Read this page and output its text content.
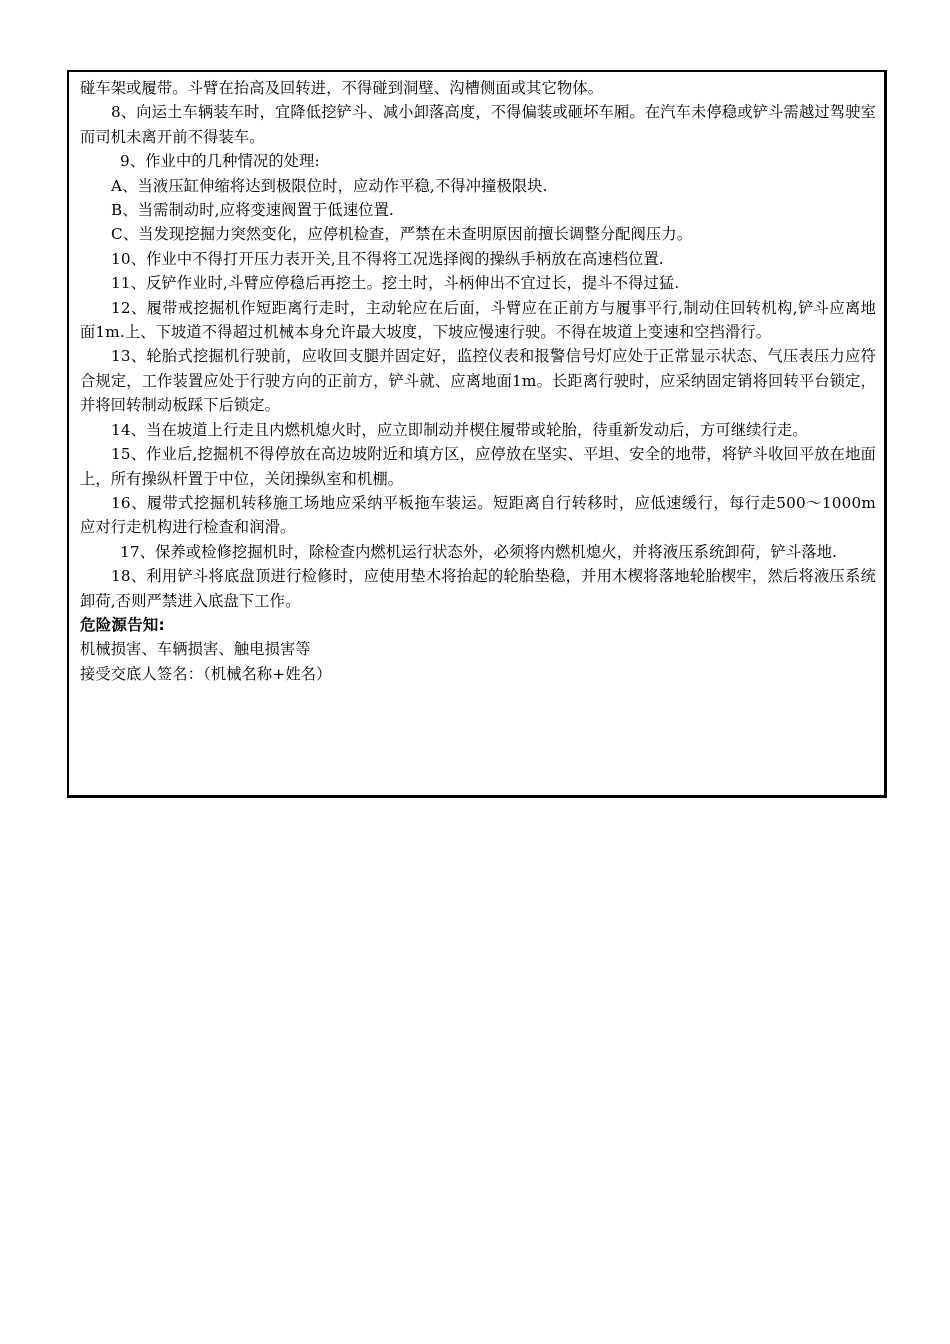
碰车架或履带。斗臂在抬高及回转进，不得碰到洞壁、沟槽侧面或其它物体。

8、向运土车辆装车时，宜降低挖铲斗、减小卸落高度，不得偏装或砸坏车厢。在汽车未停稳或铲斗需越过驾驶室而司机未离开前不得装车。

9、作业中的几种情况的处理:

A、当液压缸伸缩将达到极限位时，应动作平稳,不得冲撞极限块.

B、当需制动时,应将变速阀置于低速位置.

C、当发现挖掘力突然变化，应停机检查，严禁在未查明原因前擅长调整分配阀压力。

10、作业中不得打开压力表开关,且不得将工况选择阀的操纵手柄放在高速档位置.

11、反铲作业时,斗臂应停稳后再挖土。挖土时，斗柄伸出不宜过长，提斗不得过猛.

12、履带戒挖掘机作短距离行走时，主动轮应在后面，斗臂应在正前方与履事平行,制动住回转机构,铲斗应离地面1m.上、下坡道不得超过机械本身允许最大坡度，下坡应慢速行驶。不得在坡道上变速和空挡滑行。

13、轮胎式挖掘机行驶前，应收回支腿并固定好，监控仪表和报警信号灯应处于正常显示状态、气压表压力应符合规定，工作装置应处于行驶方向的正前方，铲斗就、应离地面1m。长距离行驶时，应采纳固定销将回转平台锁定，并将回转制动板踩下后锁定。

14、当在坡道上行走且内燃机熄火时，应立即制动并楔住履带或轮胎，待重新发动后，方可继续行走。

15、作业后,挖掘机不得停放在高边坡附近和填方区，应停放在坚实、平坦、安全的地带，将铲斗收回平放在地面上，所有操纵杆置于中位，关闭操纵室和机棚。

16、履带式挖掘机转移施工场地应采纳平板拖车装运。短距离自行转移时，应低速缓行，每行走500～1000m应对行走机构进行检查和润滑。

17、保养或检修挖掘机时，除检查内燃机运行状态外，必须将内燃机熄火，并将液压系统卸荷，铲斗落地.

18、利用铲斗将底盘顶进行检修时，应使用垫木将抬起的轮胎垫稳，并用木楔将落地轮胎楔牢，然后将液压系统卸荷,否则严禁进入底盘下工作。

危险源告知:

机械损害、车辆损害、触电损害等

接受交底人签名：（机械名称+姓名）
